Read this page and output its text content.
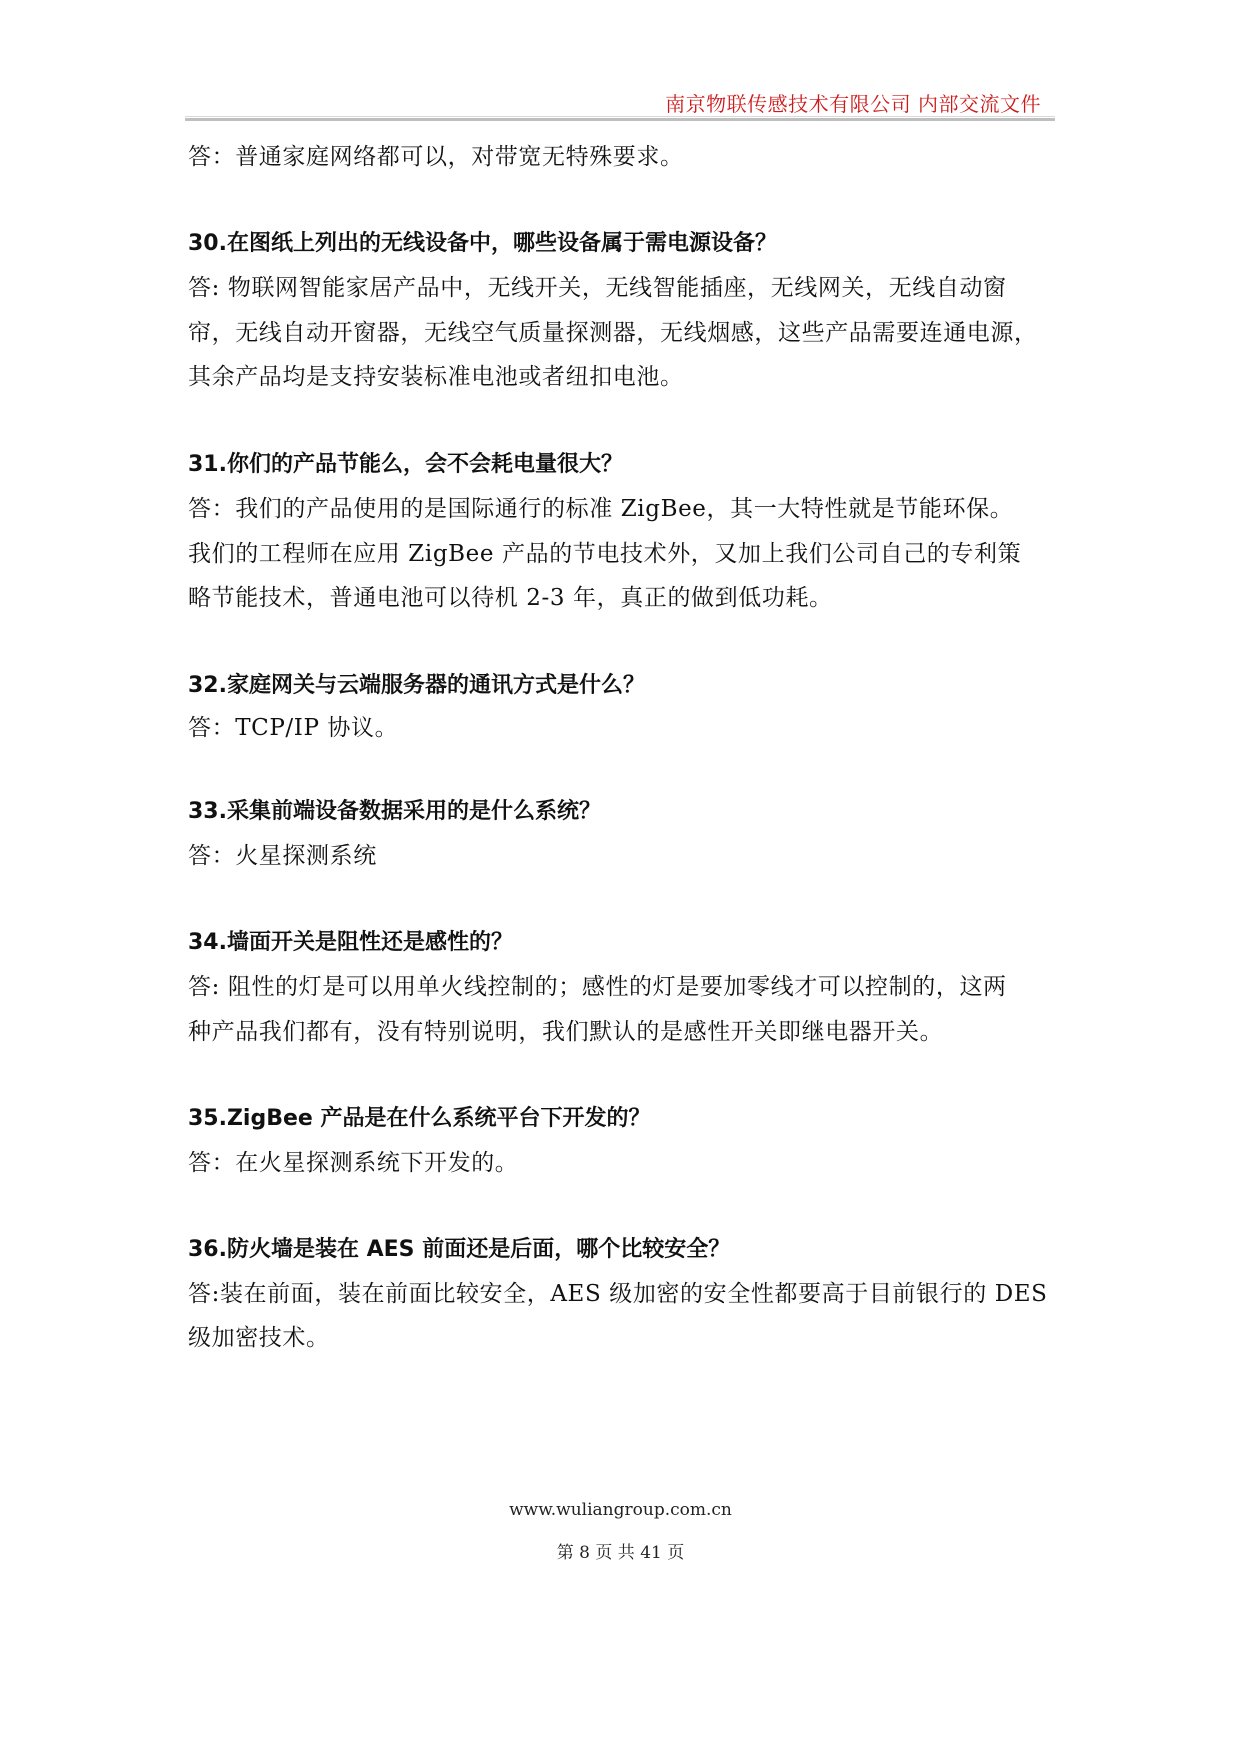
南京物联传感技术有限公司 内部交流文件
答：普通家庭网络都可以，对带宽无特殊要求。
30.在图纸上列出的无线设备中，哪些设备属于需电源设备？
答: 物联网智能家居产品中，无线开关，无线智能插座，无线网关，无线自动窗
帘，无线自动开窗器，无线空气质量探测器，无线烟感，这些产品需要连通电源，
其余产品均是支持安装标准电池或者纽扣电池。
31.你们的产品节能么，会不会耗电量很大？
答：我们的产品使用的是国际通行的标准 ZigBee，其一大特性就是节能环保。
我们的工程师在应用 ZigBee 产品的节电技术外，又加上我们公司自己的专利策
略节能技术，普通电池可以待机 2-3 年，真正的做到低功耗。
32.家庭网关与云端服务器的通讯方式是什么？
答：TCP/IP 协议。
33.采集前端设备数据采用的是什么系统？
答：火星探测系统
34.墙面开关是阻性还是感性的？
答: 阻性的灯是可以用单火线控制的；感性的灯是要加零线才可以控制的，这两
种产品我们都有，没有特别说明，我们默认的是感性开关即继电器开关。
35.ZigBee 产品是在什么系统平台下开发的？
答：在火星探测系统下开发的。
36.防火墙是装在 AES 前面还是后面，哪个比较安全？
答:装在前面，装在前面比较安全，AES 级加密的安全性都要高于目前银行的 DES
级加密技术。
www.wuliangroup.com.cn
第 8 页 共 41 页
